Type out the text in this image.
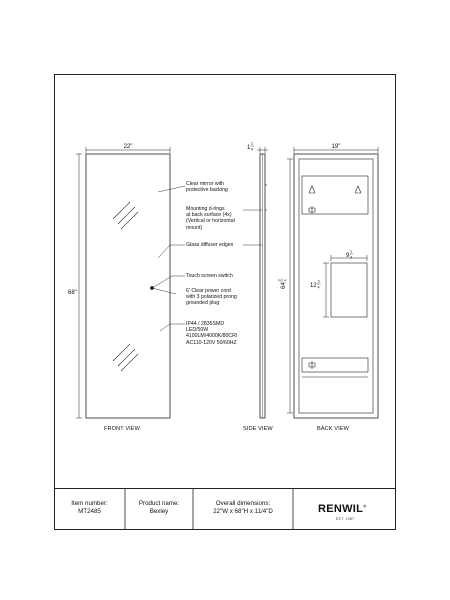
22"
68"
19"
1
1
4
64
3 4
9
1
4
12
3
4
Clear mirror with
protective backing
Mounting d-rings
at back surface (4x)
(Vertical or horizontal
mount)
Glass diffuser edges
Touch screen switch
6' Clear power cord
with 3 polarized prong
grounded plug
IP44 / 2835SMD
LED/50W
4100LM/4000K/80CRI
AC110-120V 50/60HZ
FRONT VIEW	SIDE VIEW	BACK VIEW
Item number:
MT2485
Product name:
Bexley
Overall dimensions:
22"W x 68"H x 11/4"D	RENWIL®
EST. 1987
